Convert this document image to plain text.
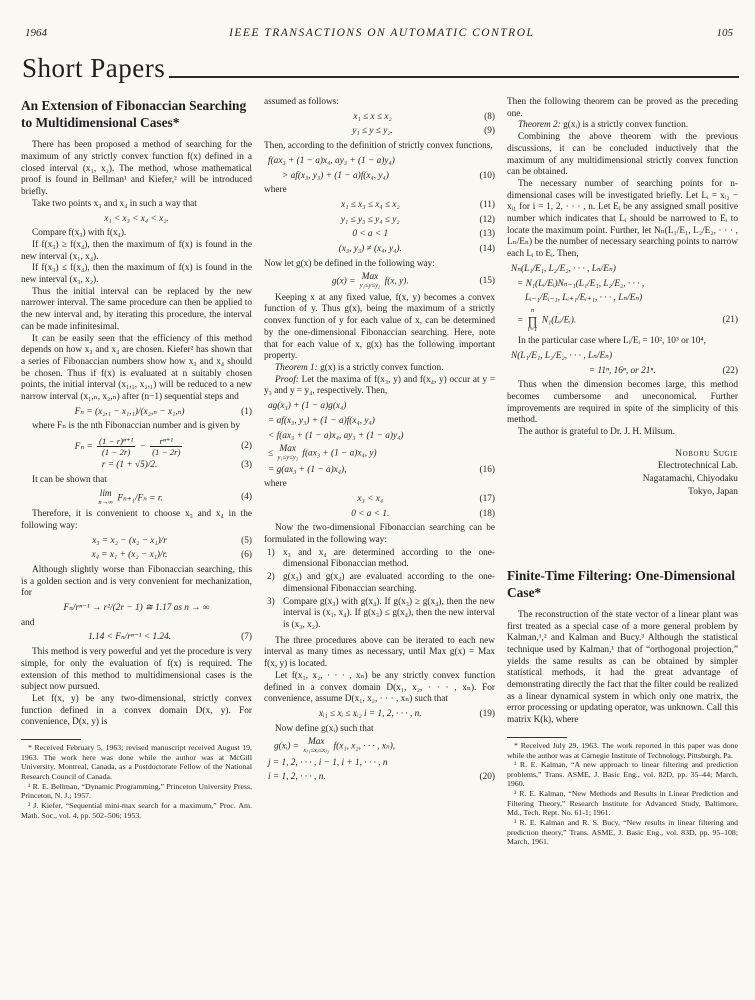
1964	IEEE TRANSACTIONS ON AUTOMATIC CONTROL	105
Short Papers
An Extension of Fibonaccian Searching to Multidimensional Cases*

There has been proposed a method of searching for the maximum of any strictly convex function f(x) defined in a closed interval (x₁, x₂). The method, whose mathematical proof is found in Bellman¹ and Kiefer,² will be introduced briefly.

Take two points x₃ and x₄ in such a way that

x₁ < x₃ < x₄ < x₂.

Compare f(x₃) with f(x₄).

If f(x₃) ≥ f(x₄), then the maximum of f(x) is found in the new interval (x₁, x₄).

If f(x₃) ≤ f(x₄), then the maximum of f(x) is found in the new interval (x₃, x₂).

Thus the initial interval can be replaced by the new narrower interval. The same procedure can then be applied to the new interval and, by iterating this procedure, the interval can be made infinitesimal.

It can be easily seen that the efficiency of this method depends on how x₃ and x₄ are chosen. Kiefer² has shown that a series of Fibonaccian numbers show how x₃ and x₄ should be chosen. Thus if f(x) is evaluated at n suitably chosen points, the initial interval (x₁,₁, x₂,₁) will be reduced to a new narrow interval (x₁,ₙ, x₂,ₙ) after (n−1) sequential steps and

Fₙ = (x₂,₁ − x₁,₁)/(x₂,ₙ − x₁,ₙ)	(1)

where Fₙ is the nth Fibonaccian number and is given by

$F_n = \frac{\text{(1 − r)ⁿ⁺¹}}{(1 - 2r)} - \frac{\text{rⁿ⁺¹}}{(1 - 2r)}$	(2)
r = (1 + √5)/2.	(3)

It can be shown that

lim
n→∞ Fₙ₊₁/Fₙ = r.	(4)

Therefore, it is convenient to choose x₃ and x₄ in the following way:

x₃ = x₂ − (x₂ − x₁)/r	(5)
x₄ = x₁ + (x₂ − x₁)/r.	(6)

Although slightly worse than Fibonaccian searching, this is a golden section and is very convenient for mechanization, for

Fₙ/rⁿ⁻¹ → r²/(2r − 1) ≅ 1.17 as n → ∞

and

1.14 < Fₙ/rⁿ⁻¹ < 1.24.	(7)

This method is very powerful and yet the procedure is very simple, for only the evaluation of f(x) is required. The extension of this method to multidimensional cases is the subject now pursued.

Let f(x, y) be any two-dimensional, strictly convex function defined in a convex domain D(x, y). For convenience, D(x, y) is

* Received February 5, 1963; revised manuscript received August 19, 1963. The work here was done while the author was at McGill University, Montreal, Canada, as a Postdoctorate Fellow of the National Research Council of Canada.

¹ R. E. Bellman, “Dynamic Programming,” Princeton University Press, Princeton, N. J.; 1957.

² J. Kiefer, “Sequential mini-max search for a maximum,” Proc. Am. Math. Soc., vol. 4, pp. 502–506; 1953.

assumed as follows:

x₁ ≤ x ≤ x₂	(8)
y₁ ≤ y ≤ y₂.	(9)

Then, according to the definition of strictly convex functions,

f(ax₃ + (1 − a)x₄, ay₃ + (1 − a)y₄)
> af(x₃, y₃) + (1 − a)f(x₄, y₄)	(10)

where

x₁ ≤ x₃ ≤ x₄ ≤ x₂	(11)
y₁ ≤ y₃ ≤ y₄ ≤ y₂	(12)
0 < a < 1	(13)
(x₃, y₃) ≠ (x₄, y₄).	(14)

Now let g(x) be defined in the following way:

g(x) = Max
y₁≤y≤y₂ f(x, y).	(15)

Keeping x at any fixed value, f(x, y) becomes a convex function of y. Thus g(x), being the maximum of a strictly convex function of y for each value of x, can be determined by the one-dimensional Fibonaccian searching. Here, note that for each value of x, g(x) has the following important property.

Theorem 1: g(x) is a strictly convex function.

Proof: Let the maxima of f(x₃, y) and f(x₄, y) occur at y = y₃ and y = y₄, respectively. Then,

ag(x₃) + (1 − a)g(x₄)
= af(x₃, y₃) + (1 − a)f(x₄, y₄)
< f(ax₃ + (1 − a)x₄, ay₃ + (1 − a)y₄)
≤ Max
y₁≤y≤y₂ f(ax₃ + (1 − a)x₄, y)
= g(ax₃ + (1 − a)x₄),	(16)

where

x₃ < x₄	(17)
0 < a < 1.	(18)

Now the two-dimensional Fibonaccian searching can be formulated in the following way:

1) x₃ and x₄ are determined according to the one-dimensional Fibonaccian method.
2) g(x₃) and g(x₄) are evaluated according to the one-dimensional Fibonaccian searching.
3) Compare g(x₃) with g(x₄). If g(x₃) ≥ g(x₄), then the new interval is (x₁, x₄). If g(x₃) ≤ g(x₄), then the new interval is (x₃, x₂).

The three procedures above can be iterated to each new interval as many times as necessary, until Max g(x) = Max f(x, y) is located.

Let f(x₁, x₂, · · · , xₙ) be any strictly convex function defined in a convex domain D(x₁, x₂, · · · , xₙ). For convenience, assume D(x₁, x₂, · · · , xₙ) such that

xᵢ₁ ≤ xᵢ ≤ xᵢ₂ i = 1, 2, · · · , n.	(19)

Now define g(xᵢ) such that

g(xᵢ) = Max
xⱼ₁≤xⱼ≤xⱼ₂ f(x₁, x₂, · · · , xₙ),
j = 1, 2, · · · , i − 1, i + 1, · · · , n
i = 1, 2, · · · , n.	(20)

Then the following theorem can be proved as the preceding one.

Theorem 2: g(xᵢ) is a strictly convex function.

Combining the above theorem with the previous discussions, it can be concluded inductively that the maximum of any multidimensional strictly convex function can be obtained.

The necessary number of searching points for n-dimensional cases will be investigated briefly. Let Lᵢ = xᵢ₂ − xᵢ₁ for i = 1, 2, · · · , n. Let Eᵢ be any assigned small positive number which indicates that Lᵢ should be narrowed to Eᵢ to locate the maximum point. Further, let Nₙ(L₁/E₁, L₂/E₂, · · · , Lₙ/Eₙ) be the number of necessary searching points to narrow each Lᵢ to Eᵢ. Then,

Nₙ(L₁/E₁, L₂/E₂, · · · , Lₙ/Eₙ)
= N₁(Lᵢ/Eᵢ)Nₙ₋₁(L₁/E₁, L₂/E₂, · · · ,
Lᵢ₋₁/Eᵢ₋₁, Lᵢ₊₁/Eᵢ₊₁, · · · , Lₙ/Eₙ)
=
n
∏
i=1
N₁(Lᵢ/Eᵢ).	(21)

In the particular case where Lᵢ/Eᵢ = 10², 10³ or 10⁴,

N(L₁/E₁, L₂/E₂, · · · , Lₙ/Eₙ)
= 11ⁿ, 16ⁿ, or 21ⁿ.	(22)

Thus when the dimension becomes large, this method becomes cumbersome and uneconomical. Further improvements are required in spite of the simplicity of this method.

The author is grateful to Dr. J. H. Milsum.

Noboru Sugie
Electrotechnical Lab.
Nagatamachi, Chiyodaku
Tokyo, Japan
Finite-Time Filtering: One-Dimensional Case*

The reconstruction of the state vector of a linear plant was first treated as a special case of a more general problem by Kalman,¹,² and Kalman and Bucy.³ Although the statistical technique used by Kalman,¹ that of “orthogonal projection,” yields the same results as can be obtained by simpler statistical methods, it had the great advantage of demonstrating directly the fact that the filter could be realized as a linear dynamical system in which only one matrix, the error processing or updating operator, was unknown. Call this matrix K(k), where

* Received July 29, 1963. The work reported in this paper was done while the author was at Carnegie Institute of Technology, Pittsburgh, Pa.

¹ R. E. Kalman, “A new approach to linear filtering and prediction problems,” Trans. ASME, J. Basic Eng., vol. 82D, pp. 35–44; March, 1960.

² R. E. Kalman, “New Methods and Results in Linear Prediction and Filtering Theory,” Research Institute for Advanced Study, Baltimore, Md., Tech. Rept. No. 61-1; 1961.

³ R. E. Kalman and R. S. Bucy, “New results in linear filtering and prediction theory,” Trans. ASME, J. Basic Eng., vol. 83D, pp. 95–108; March, 1961.
